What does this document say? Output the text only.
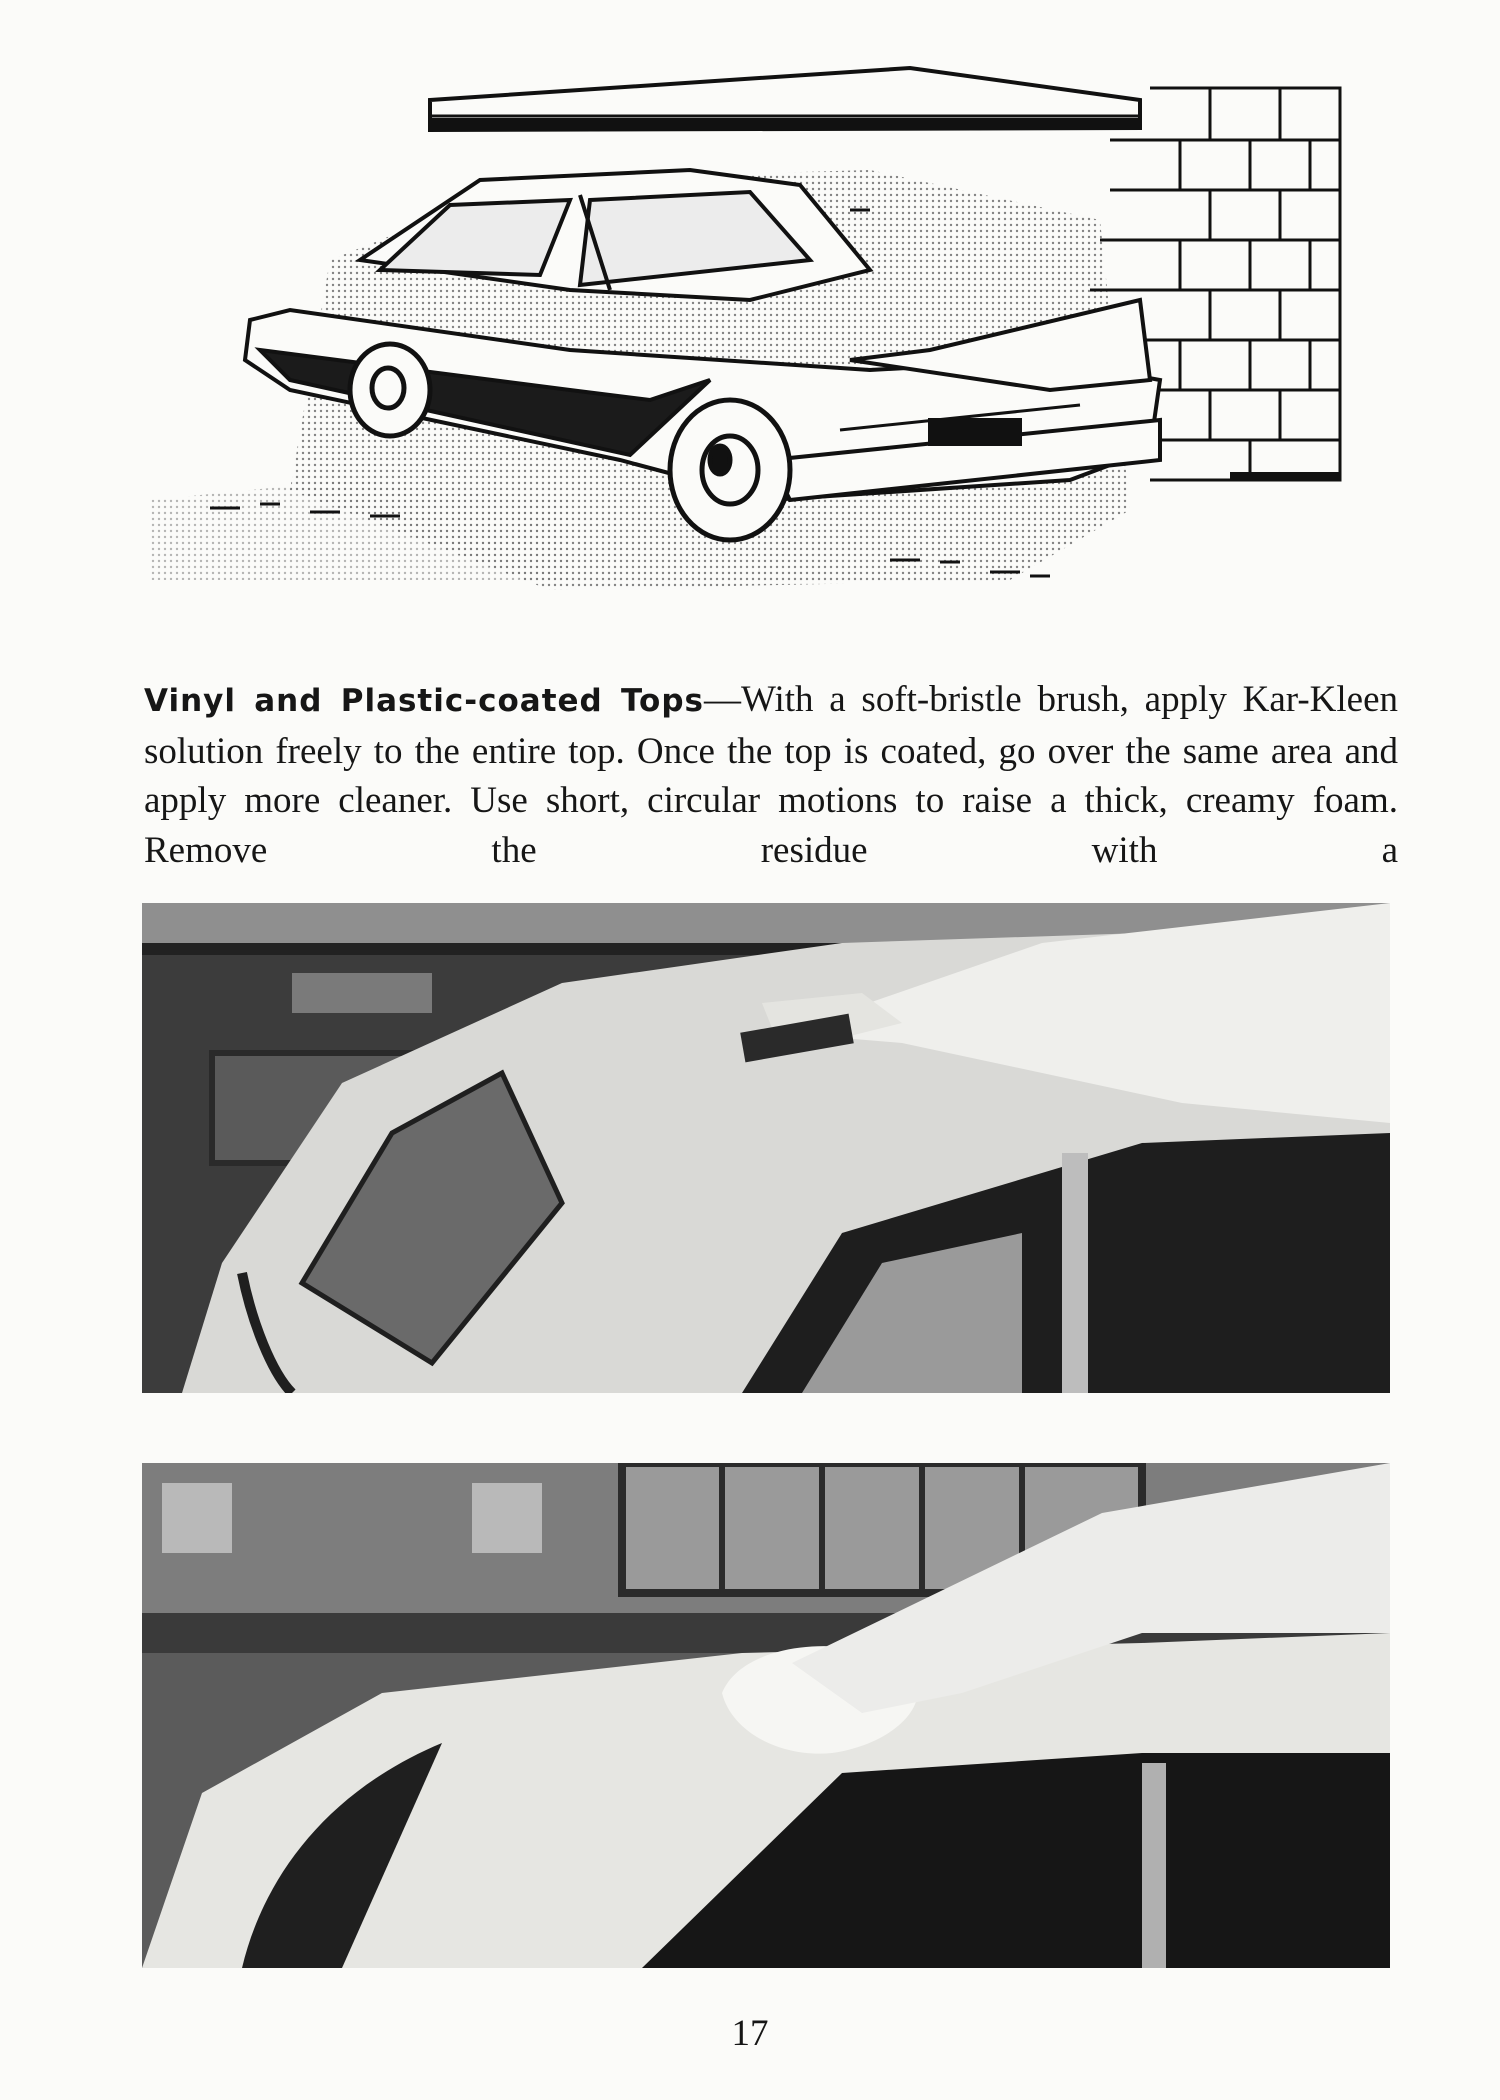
Vinyl and Plastic-coated Tops—With a soft-bristle brush, apply Kar-Kleen solution freely to the entire top. Once the top is coated, go over the same area and apply more cleaner. Use short, circular motions to raise a thick, creamy foam. Remove the residue with a

17
